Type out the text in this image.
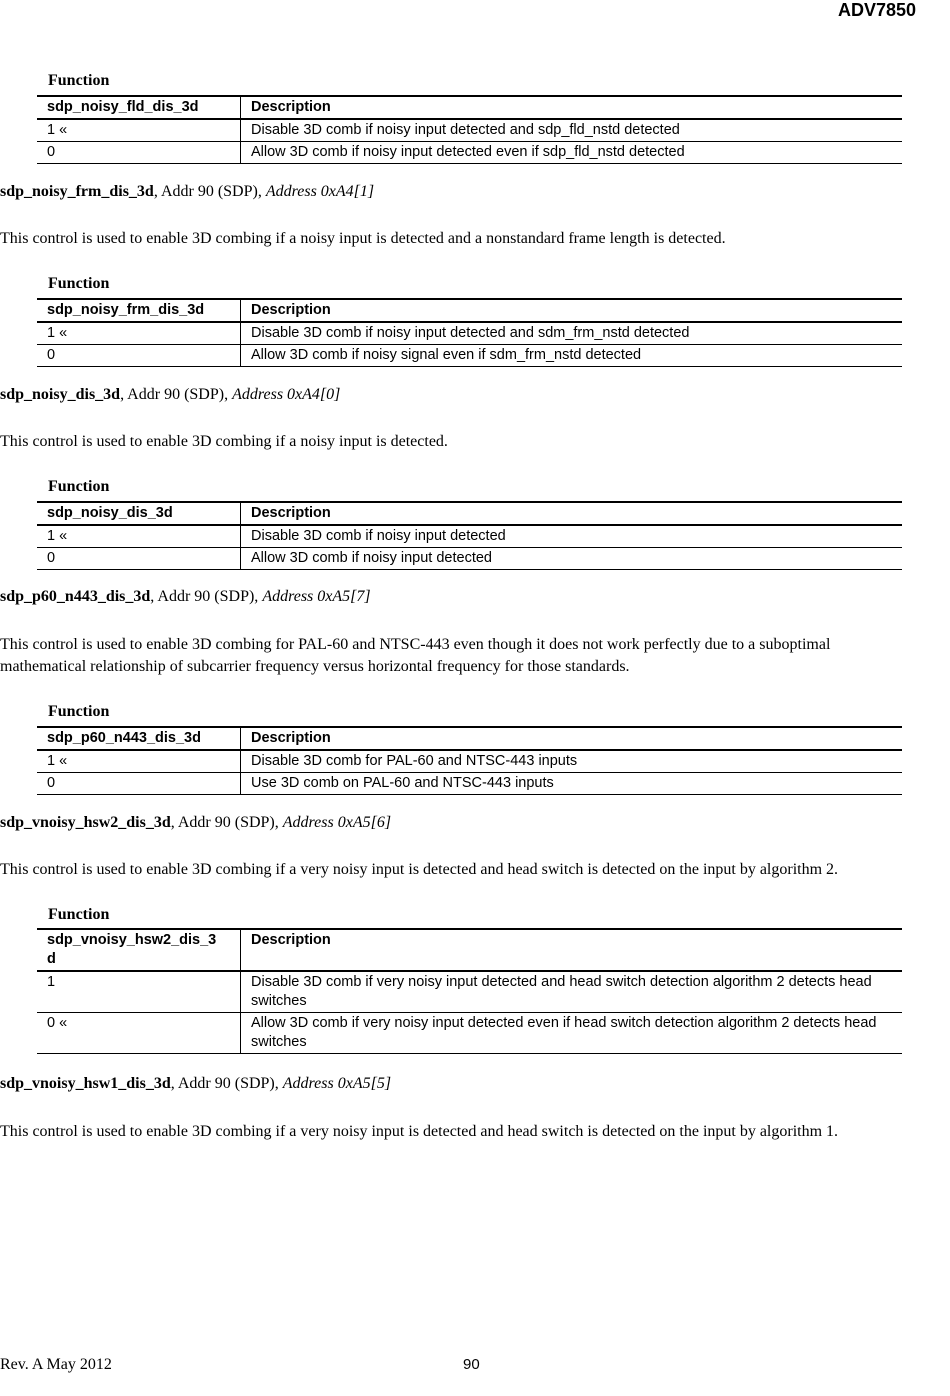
ADV7850
Function
sdp_noisy_fld_dis_3d	Description
1 «	Disable 3D comb if noisy input detected and sdp_fld_nstd detected
0	Allow 3D comb if noisy input detected even if sdp_fld_nstd detected
sdp_noisy_frm_dis_3d, Addr 90 (SDP), Address 0xA4[1]
This control is used to enable 3D combing if a noisy input is detected and a nonstandard frame length is detected.
Function
sdp_noisy_frm_dis_3d	Description
1 «	Disable 3D comb if noisy input detected and sdm_frm_nstd detected
0	Allow 3D comb if noisy signal even if sdm_frm_nstd detected
sdp_noisy_dis_3d, Addr 90 (SDP), Address 0xA4[0]
This control is used to enable 3D combing if a noisy input is detected.
Function
sdp_noisy_dis_3d	Description
1 «	Disable 3D comb if noisy input detected
0	Allow 3D comb if noisy input detected
sdp_p60_n443_dis_3d, Addr 90 (SDP), Address 0xA5[7]
This control is used to enable 3D combing for PAL-60 and NTSC-443 even though it does not work perfectly due to a suboptimal mathematical relationship of subcarrier frequency versus horizontal frequency for those standards.
Function
sdp_p60_n443_dis_3d	Description
1 «	Disable 3D comb for PAL-60 and NTSC-443 inputs
0	Use 3D comb on PAL-60 and NTSC-443 inputs
sdp_vnoisy_hsw2_dis_3d, Addr 90 (SDP), Address 0xA5[6]
This control is used to enable 3D combing if a very noisy input is detected and head switch is detected on the input by algorithm 2.
Function
sdp_vnoisy_hsw2_dis_3
d	Description
1	Disable 3D comb if very noisy input detected and head switch detection algorithm 2 detects head switches
0 «	Allow 3D comb if very noisy input detected even if head switch detection algorithm 2 detects head switches
sdp_vnoisy_hsw1_dis_3d, Addr 90 (SDP), Address 0xA5[5]
This control is used to enable 3D combing if a very noisy input is detected and head switch is detected on the input by algorithm 1.
Rev. A May 2012	90
